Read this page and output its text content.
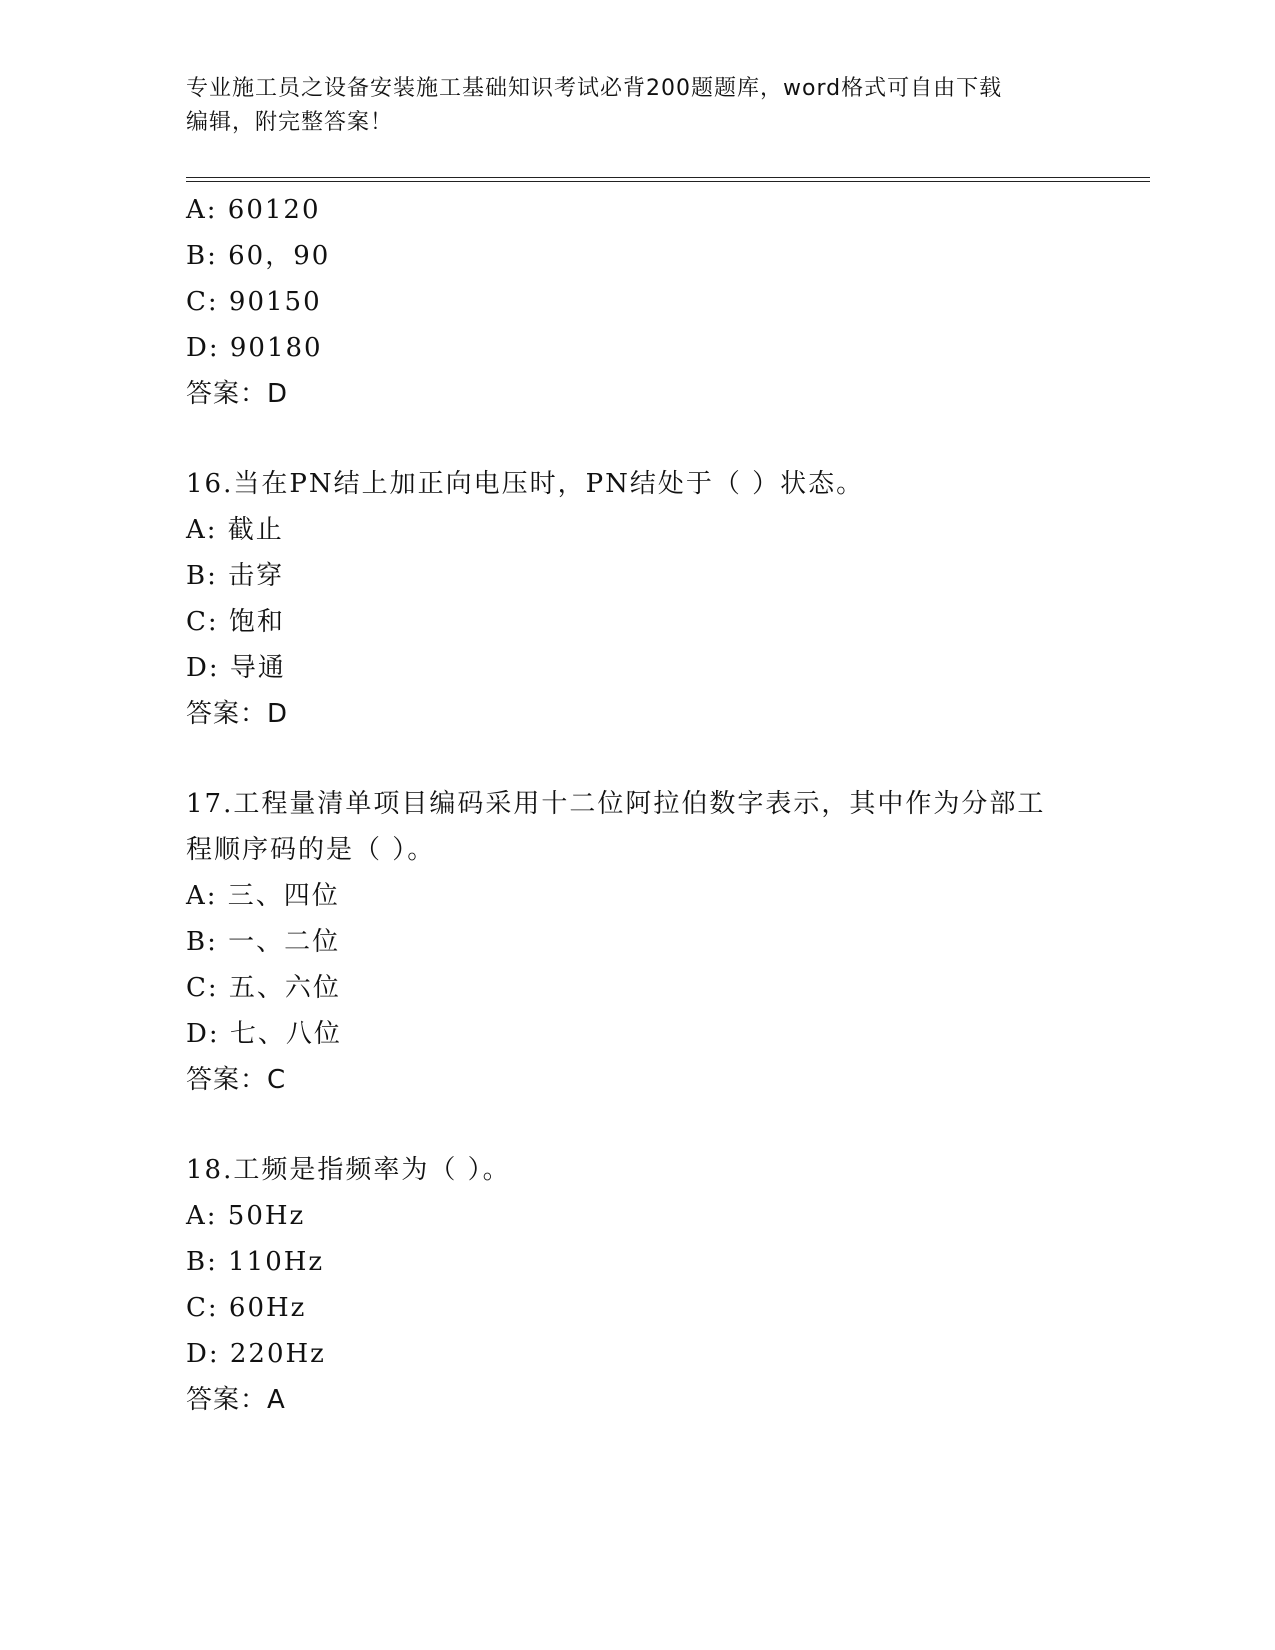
专业施工员之设备安装施工基础知识考试必背200题题库，word格式可自由下载
编辑，附完整答案！
A: 60120
B: 60，90
C: 90150
D: 90180
答案：D
16.当在PN结上加正向电压时，PN结处于（ ）状态。
A: 截止
B: 击穿
C: 饱和
D: 导通
答案：D
17.工程量清单项目编码采用十二位阿拉伯数字表示，其中作为分部工
程顺序码的是（ ）。
A: 三、四位
B: 一、二位
C: 五、六位
D: 七、八位
答案：C
18.工频是指频率为（ ）。
A: 50Hz
B: 110Hz
C: 60Hz
D: 220Hz
答案：A
